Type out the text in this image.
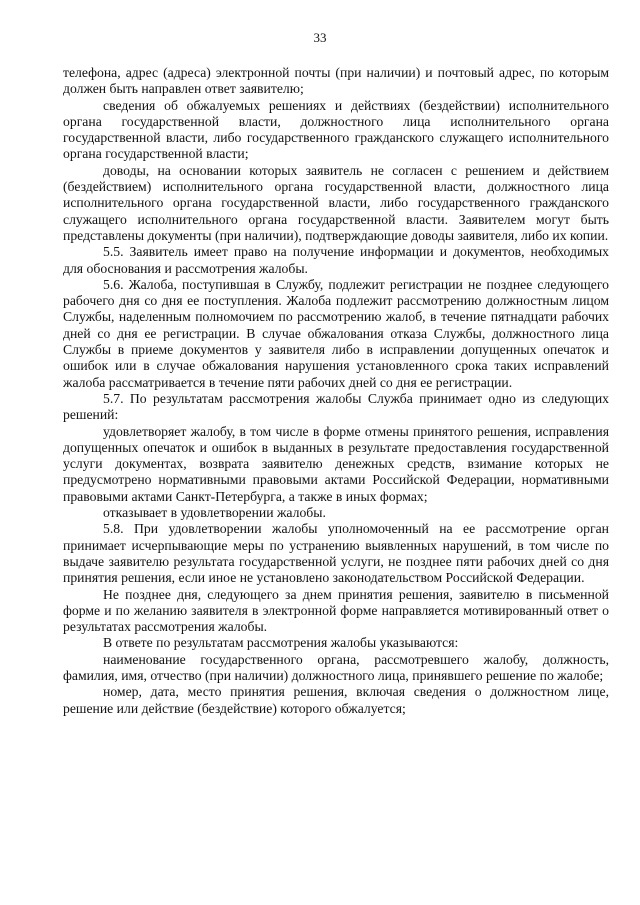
33

телефона, адрес (адреса) электронной почты (при наличии) и почтовый адрес, по которым должен быть направлен ответ заявителю;

сведения об обжалуемых решениях и действиях (бездействии) исполнительного органа государственной власти, должностного лица исполнительного органа государственной власти, либо государственного гражданского служащего исполнительного органа государственной власти;

доводы, на основании которых заявитель не согласен с решением и действием (бездействием) исполнительного органа государственной власти, должностного лица исполнительного органа государственной власти, либо государственного гражданского служащего исполнительного органа государственной власти. Заявителем могут быть представлены документы (при наличии), подтверждающие доводы заявителя, либо их копии.

5.5. Заявитель имеет право на получение информации и документов, необходимых для обоснования и рассмотрения жалобы.

5.6. Жалоба, поступившая в Службу, подлежит регистрации не позднее следующего рабочего дня со дня ее поступления. Жалоба подлежит рассмотрению должностным лицом Службы, наделенным полномочием по рассмотрению жалоб, в течение пятнадцати рабочих дней со дня ее регистрации. В случае обжалования отказа Службы, должностного лица Службы в приеме документов у заявителя либо в исправлении допущенных опечаток и ошибок или в случае обжалования нарушения установленного срока таких исправлений жалоба рассматривается в течение пяти рабочих дней со дня ее регистрации.

5.7. По результатам рассмотрения жалобы Служба принимает одно из следующих решений:

удовлетворяет жалобу, в том числе в форме отмены принятого решения, исправления допущенных опечаток и ошибок в выданных в результате предоставления государственной услуги документах, возврата заявителю денежных средств, взимание которых не предусмотрено нормативными правовыми актами Российской Федерации, нормативными правовыми актами Санкт-Петербурга, а также в иных формах;

отказывает в удовлетворении жалобы.

5.8. При удовлетворении жалобы уполномоченный на ее рассмотрение орган принимает исчерпывающие меры по устранению выявленных нарушений, в том числе по выдаче заявителю результата государственной услуги, не позднее пяти рабочих дней со дня принятия решения, если иное не установлено законодательством Российской Федерации.

Не позднее дня, следующего за днем принятия решения, заявителю в письменной форме и по желанию заявителя в электронной форме направляется мотивированный ответ о результатах рассмотрения жалобы.

В ответе по результатам рассмотрения жалобы указываются:

наименование государственного органа, рассмотревшего жалобу, должность, фамилия, имя, отчество (при наличии) должностного лица, принявшего решение по жалобе;

номер, дата, место принятия решения, включая сведения о должностном лице, решение или действие (бездействие) которого обжалуется;
